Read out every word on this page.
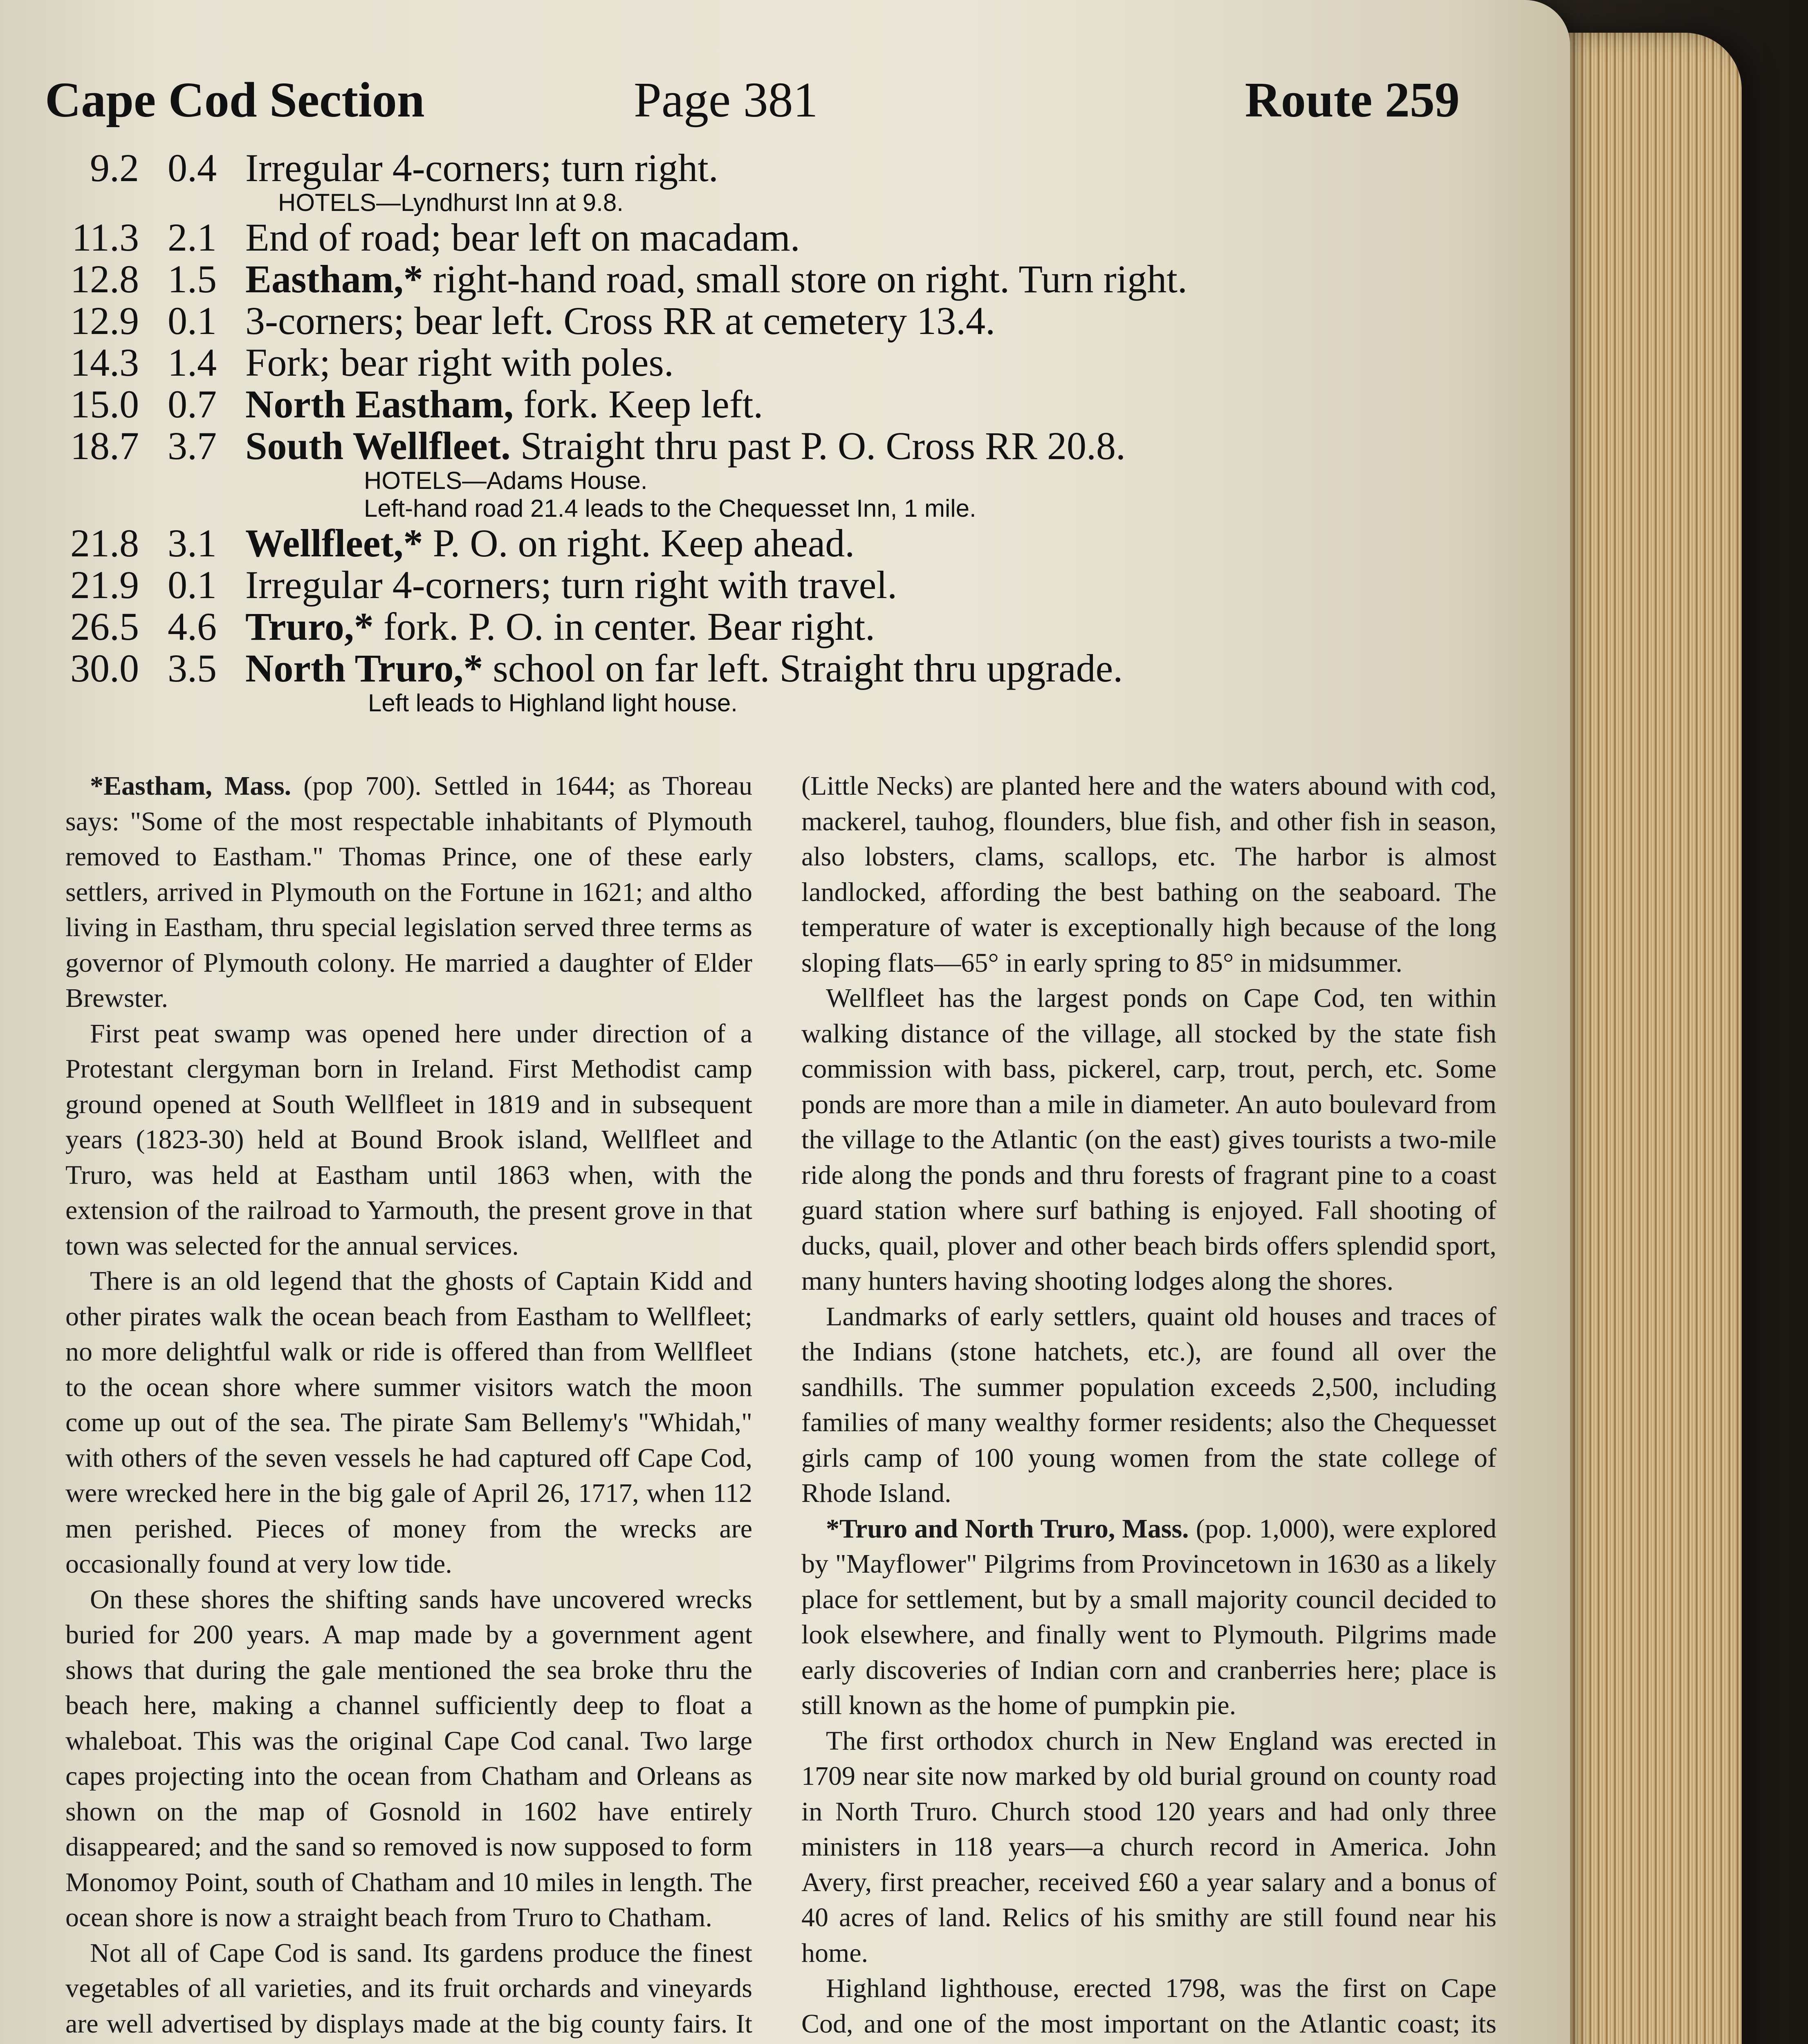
Cape Cod Section	Page 381	Route 259
9.2 0.4 Irregular 4-corners; turn right.
HOTELS—Lyndhurst Inn at 9.8.
11.3 2.1 End of road; bear left on macadam.
12.8 1.5 Eastham,* right-hand road, small store on right. Turn right.
12.9 0.1 3-corners; bear left. Cross RR at cemetery 13.4.
14.3 1.4 Fork; bear right with poles.
15.0 0.7 North Eastham, fork. Keep left.
18.7 3.7 South Wellfleet. Straight thru past P. O. Cross RR 20.8.
HOTELS—Adams House.
Left-hand road 21.4 leads to the Chequesset Inn, 1 mile.
21.8 3.1 Wellfleet,* P. O. on right. Keep ahead.
21.9 0.1 Irregular 4-corners; turn right with travel.
26.5 4.6 Truro,* fork. P. O. in center. Bear right.
30.0 3.5 North Truro,* school on far left. Straight thru upgrade.
Left leads to Highland light house.

*Eastham, Mass. (pop 700). Settled in 1644; as Thoreau says: "Some of the most respectable inhabitants of Plymouth removed to Eastham." Thomas Prince, one of these early settlers, arrived in Plymouth on the Fortune in 1621; and altho living in Eastham, thru special legislation served three terms as governor of Plymouth colony. He married a daughter of Elder Brewster.

First peat swamp was opened here under direction of a Protestant clergyman born in Ireland. First Methodist camp ground opened at South Wellfleet in 1819 and in subsequent years (1823-30) held at Bound Brook island, Wellfleet and Truro, was held at Eastham until 1863 when, with the extension of the railroad to Yarmouth, the present grove in that town was selected for the annual services.

There is an old legend that the ghosts of Captain Kidd and other pirates walk the ocean beach from Eastham to Wellfleet; no more delightful walk or ride is offered than from Wellfleet to the ocean shore where summer visitors watch the moon come up out of the sea. The pirate Sam Bellemy's "Whidah," with others of the seven vessels he had captured off Cape Cod, were wrecked here in the big gale of April 26, 1717, when 112 men perished. Pieces of money from the wrecks are occasionally found at very low tide.

On these shores the shifting sands have uncovered wrecks buried for 200 years. A map made by a government agent shows that during the gale mentioned the sea broke thru the beach here, making a channel sufficiently deep to float a whaleboat. This was the original Cape Cod canal. Two large capes projecting into the ocean from Chatham and Orleans as shown on the map of Gosnold in 1602 have entirely disappeared; and the sand so removed is now supposed to form Monomoy Point, south of Chatham and 10 miles in length. The ocean shore is now a straight beach from Truro to Chatham.

Not all of Cape Cod is sand. Its gardens produce the finest vegetables of all varieties, and its fruit orchards and vineyards are well advertised by displays made at the big county fairs. It

(Little Necks) are planted here and the waters abound with cod, mackerel, tauhog, flounders, blue fish, and other fish in season, also lobsters, clams, scallops, etc. The harbor is almost landlocked, affording the best bathing on the seaboard. The temperature of water is exceptionally high because of the long sloping flats—65° in early spring to 85° in midsummer.

Wellfleet has the largest ponds on Cape Cod, ten within walking distance of the village, all stocked by the state fish commission with bass, pickerel, carp, trout, perch, etc. Some ponds are more than a mile in diameter. An auto boulevard from the village to the Atlantic (on the east) gives tourists a two-mile ride along the ponds and thru forests of fragrant pine to a coast guard station where surf bathing is enjoyed. Fall shooting of ducks, quail, plover and other beach birds offers splendid sport, many hunters having shooting lodges along the shores.

Landmarks of early settlers, quaint old houses and traces of the Indians (stone hatchets, etc.), are found all over the sandhills. The summer population exceeds 2,500, including families of many wealthy former residents; also the Chequesset girls camp of 100 young women from the state college of Rhode Island.

*Truro and North Truro, Mass. (pop. 1,000), were explored by "Mayflower" Pilgrims from Provincetown in 1630 as a likely place for settlement, but by a small majority council decided to look elsewhere, and finally went to Plymouth. Pilgrims made early discoveries of Indian corn and cranberries here; place is still known as the home of pumpkin pie.

The first orthodox church in New England was erected in 1709 near site now marked by old burial ground on county road in North Truro. Church stood 120 years and had only three ministers in 118 years—a church record in America. John Avery, first preacher, received £60 a year salary and a bonus of 40 acres of land. Relics of his smithy are still found near his home.

Highland lighthouse, erected 1798, was the first on Cape Cod, and one of the most important on the Atlantic coast; its
